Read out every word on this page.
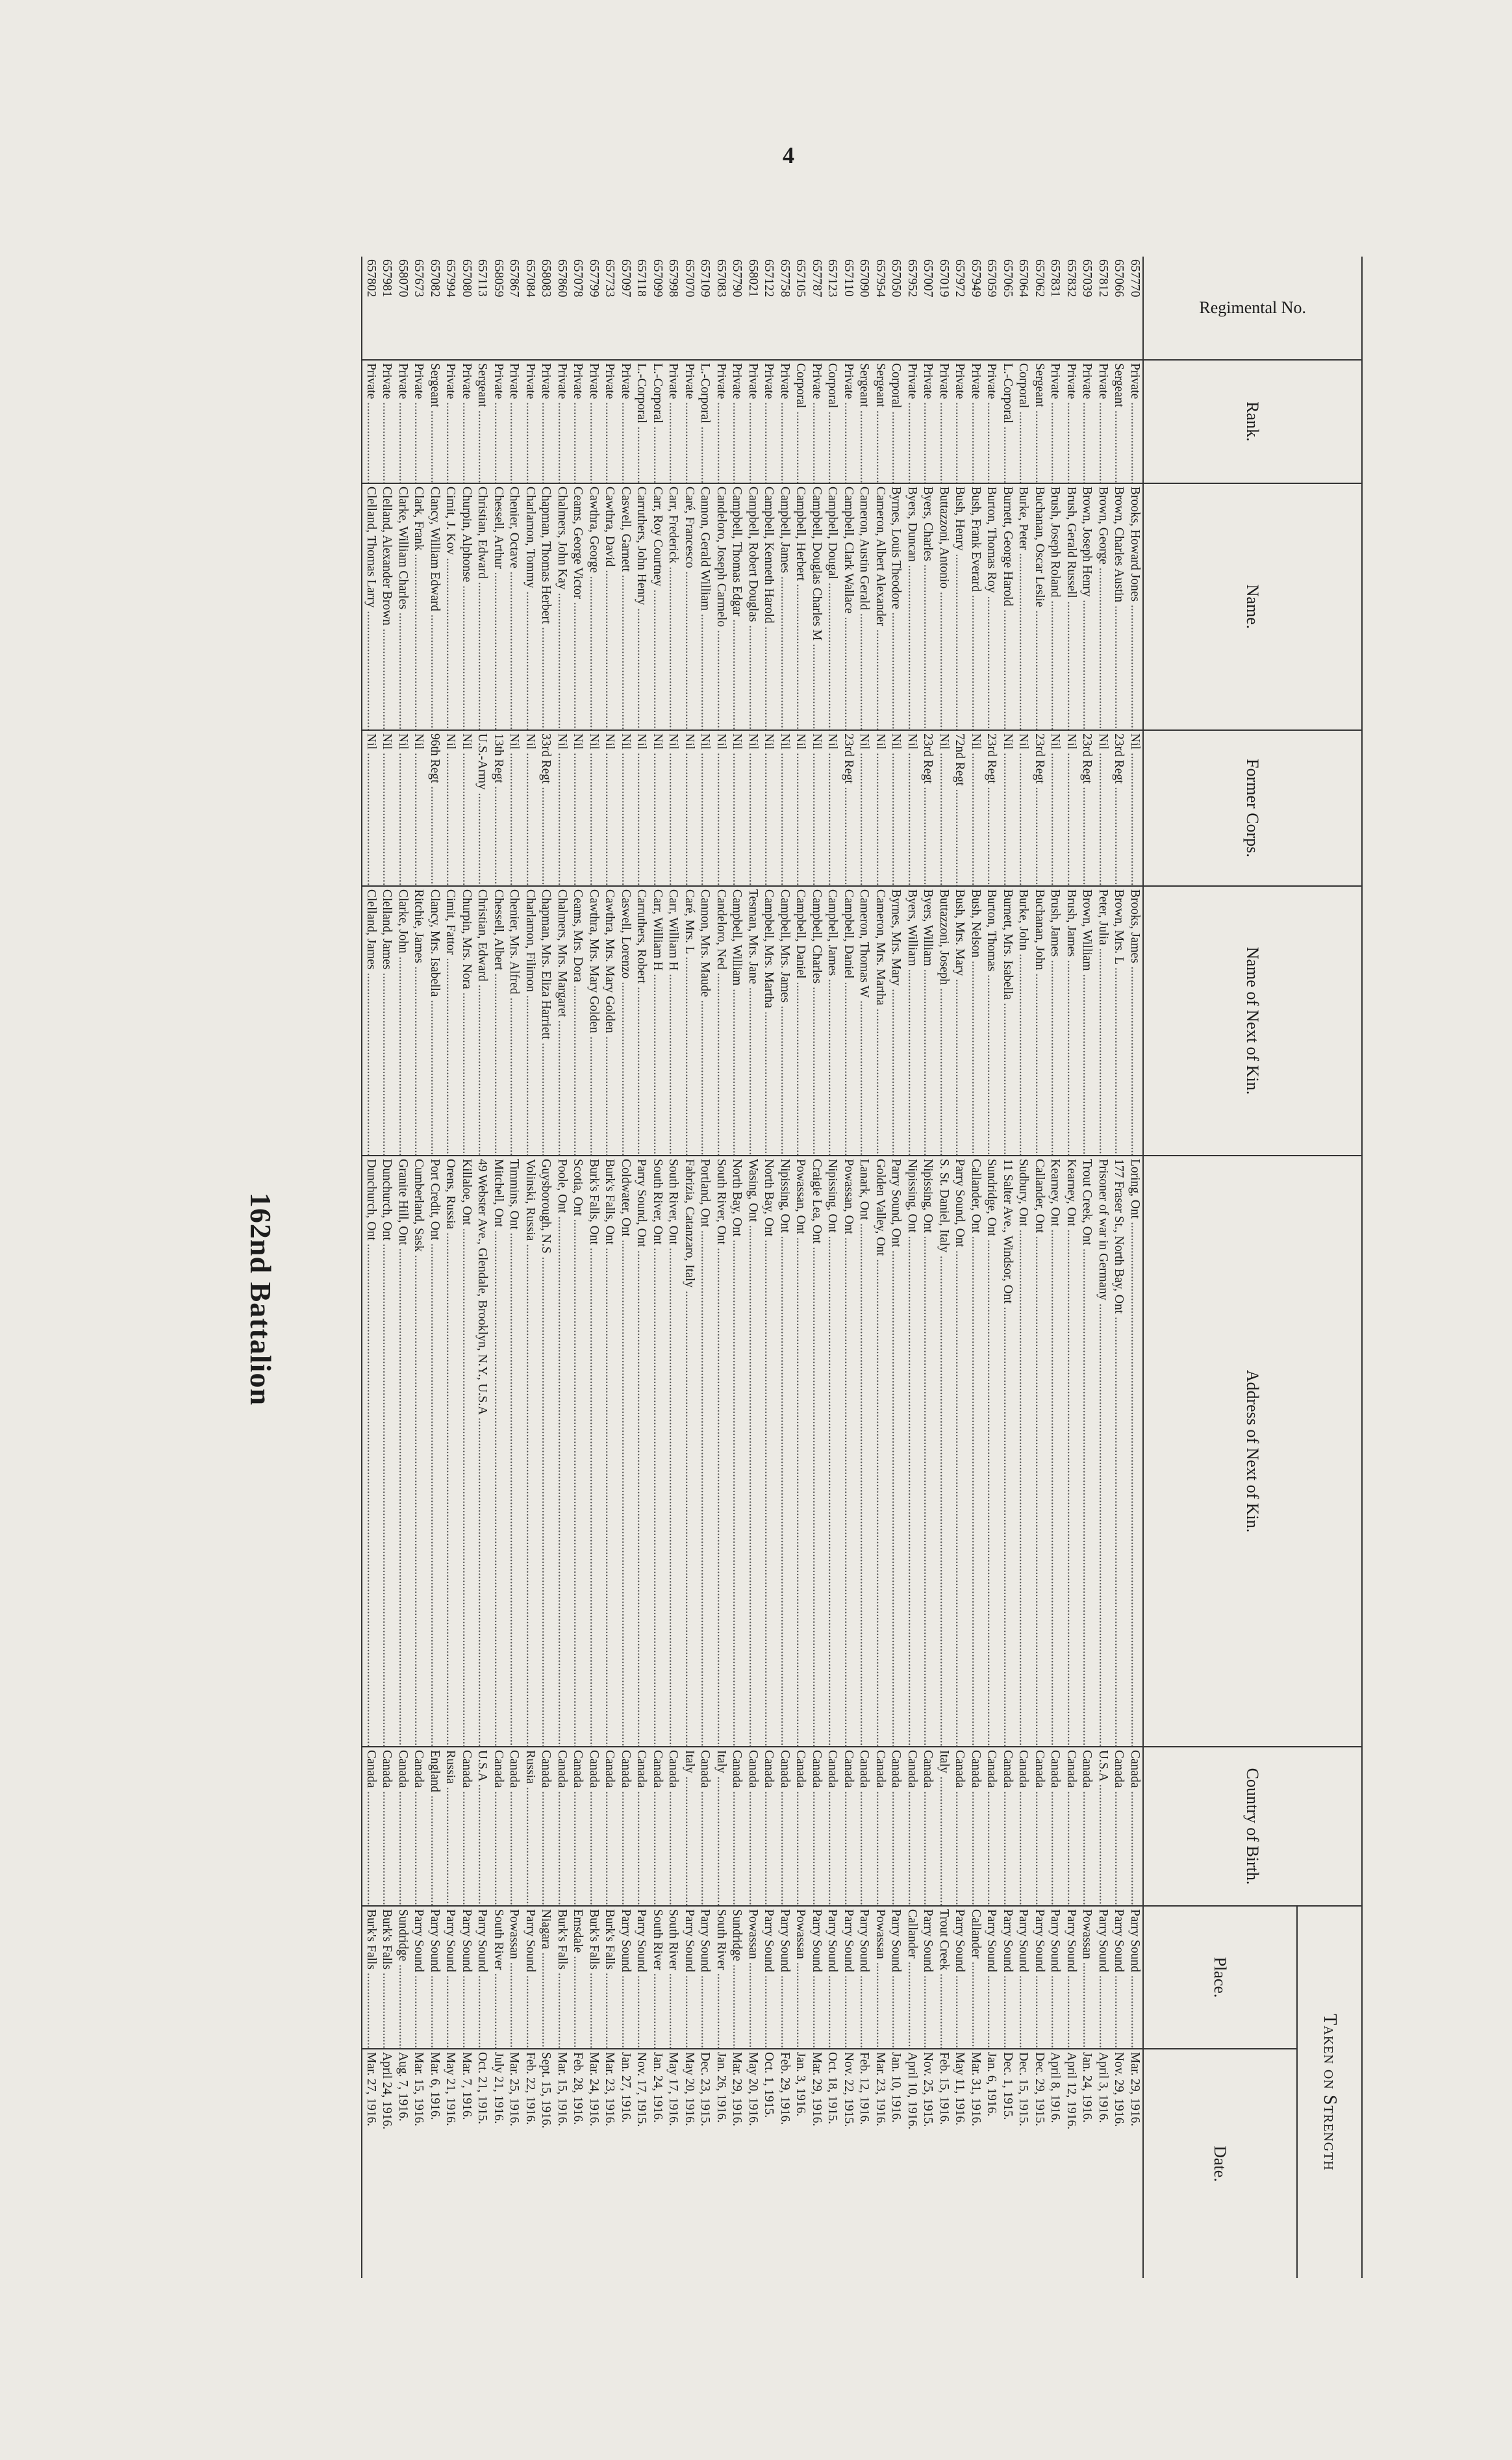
4
162nd Battalion
Regimental No.
Rank.
Name.
Former Corps.
Name of Next of Kin.
Address of Next of Kin.
Country of Birth.
Taken on Strength
Place.
Date.
657770
Private .....
Brooks, Howard Jones .....
Nil .....
Brooks, James .....
Loring, Ont .....
Canada .....
Parry Sound .....
Mar. 29, 1916.
657066
Sergeant .....
Brown, Charles Austin .....
23rd Regt .....
Brown, Mrs. L .....
177 Fraser St., North Bay, Ont .....
Canada .....
Parry Sound .....
Nov. 29, 1916.
657812
Private .....
Brown, George .....
Nil .....
Peter, Julia .....
Prisoner of war in Germany .....
U.S.A .....
Parry Sound .....
April 3, 1916.
657039
Private .....
Brown, Joseph Henry .....
23rd Regt .....
Brown, William .....
Trout Creek, Ont .....
Canada .....
Powassan .....
Jan. 24, 1916.
657832
Private .....
Brush, Gerald Russell .....
Nil .....
Brush, James .....
Kearney, Ont .....
Canada .....
Parry Sound .....
April 12, 1916.
657831
Private .....
Brush, Joseph Roland .....
Nil .....
Brush, James .....
Kearney, Ont .....
Canada .....
Parry Sound .....
April 8, 1916.
657062
Sergeant .....
Buchanan, Oscar Leslie .....
23rd Regt .....
Buchanan, John .....
Callander, Ont .....
Canada .....
Parry Sound .....
Dec. 29, 1915.
657064
Corporal .....
Burke, Peter .....
Nil .....
Burke, John .....
Sudbury, Ont .....
Canada .....
Parry Sound .....
Dec. 15, 1915.
657065
L.-Corporal .....
Burnett, George Harold .....
Nil .....
Burnett, Mrs. Isabella .....
11 Salter Ave., Windsor, Ont .....
Canada .....
Parry Sound .....
Dec. 1, 1915.
657059
Private .....
Burton, Thomas Roy .....
23rd Regt .....
Burton, Thomas .....
Sundridge, Ont .....
Canada .....
Parry Sound .....
Jan. 6, 1916.
657949
Private .....
Bush, Frank Everard .....
Nil .....
Bush, Nelson .....
Callander, Ont .....
Canada .....
Callander .....
Mar. 31, 1916.
657972
Private .....
Bush, Henry .....
72nd Regt .....
Bush, Mrs. Mary .....
Parry Sound, Ont .....
Canada .....
Parry Sound .....
May 11, 1916.
657019
Private .....
Buttazzoni, Antonio .....
Nil .....
Buttazzoni, Joseph .....
S. St. Daniel, Italy .....
Italy .....
Trout Creek .....
Feb. 15, 1916.
657007
Private .....
Byers, Charles .....
23rd Regt .....
Byers, William .....
Nipissing, Ont .....
Canada .....
Parry Sound .....
Nov. 25, 1915.
657952
Private .....
Byers, Duncan .....
Nil .....
Byers, William .....
Nipissing, Ont .....
Canada .....
Callander .....
April 10, 1916.
657050
Corporal .....
Byrnes, Louis Theodore .....
Nil .....
Byrnes, Mrs. Mary .....
Parry Sound, Ont .....
Canada .....
Parry Sound .....
Jan. 10, 1916.
657954
Sergeant .....
Cameron, Albert Alexander .....
Nil .....
Cameron, Mrs. Martha .....
Golden Valley, Ont .....
Canada .....
Powassan .....
Mar. 23, 1916.
657090
Sergeant .....
Cameron, Austin Gerald .....
Nil .....
Cameron, Thomas W .....
Lanark, Ont .....
Canada .....
Parry Sound .....
Feb. 12, 1916.
657110
Private .....
Campbell, Clark Wallace .....
23rd Regt .....
Campbell, Daniel .....
Powassan, Ont .....
Canada .....
Parry Sound .....
Nov. 22, 1915.
657123
Corporal .....
Campbell, Dougal .....
Nil .....
Campbell, James .....
Nipissing, Ont .....
Canada .....
Parry Sound .....
Oct. 18, 1915.
657787
Private .....
Campbell, Douglas Charles M .....
Nil .....
Campbell, Charles .....
Craigie Lea, Ont .....
Canada .....
Parry Sound .....
Mar. 29, 1916.
657105
Corporal .....
Campbell, Herbert .....
Nil .....
Campbell, Daniel .....
Powassan, Ont .....
Canada .....
Powassan .....
Jan. 3, 1916.
657758
Private .....
Campbell, James .....
Nil .....
Campbell, Mrs. James .....
Nipissing, Ont .....
Canada .....
Parry Sound .....
Feb. 29, 1916.
657122
Private .....
Campbell, Kenneth Harold .....
Nil .....
Campbell, Mrs. Martha .....
North Bay, Ont .....
Canada .....
Parry Sound .....
Oct. 1, 1915.
658021
Private .....
Campbell, Robert Douglas .....
Nil .....
Tesman, Mrs. Jane .....
Wasing, Ont .....
Canada .....
Powassan .....
May 20, 1916.
657790
Private .....
Campbell, Thomas Edgar .....
Nil .....
Campbell, William .....
North Bay, Ont .....
Canada .....
Sundridge .....
Mar. 29, 1916.
657083
Private .....
Candeloro, Joseph Carmelo .....
Nil .....
Candeloro, Ned .....
South River, Ont .....
Italy .....
South River .....
Jan. 26, 1916.
657109
L.-Corporal .....
Cannon, Gerald William .....
Nil .....
Cannon, Mrs. Maude .....
Portland, Ont .....
Canada .....
Parry Sound .....
Dec. 23, 1915.
657070
Private .....
Caré, Francesco .....
Nil .....
Caré, Mrs. L .....
Fabrizia, Catanzaro, Italy .....
Italy .....
Parry Sound .....
May 20, 1916.
657998
Private .....
Carr, Frederick .....
Nil .....
Carr, William H .....
South River, Ont .....
Canada .....
South River .....
May 17, 1916.
657099
L.-Corporal .....
Carr, Roy Courtney .....
Nil .....
Carr, William H .....
South River, Ont .....
Canada .....
South River .....
Jan. 24, 1916.
657118
L.-Corporal .....
Carruthers, John Henry .....
Nil .....
Carruthers, Robert .....
Parry Sound, Ont .....
Canada .....
Parry Sound .....
Nov. 17, 1915.
657097
Private .....
Caswell, Garnett .....
Nil .....
Caswell, Lorenzo .....
Coldwater, Ont .....
Canada .....
Parry Sound .....
Jan. 27, 1916.
657733
Private .....
Cawthra, David .....
Nil .....
Cawthra, Mrs. Mary Golden .....
Burk's Falls, Ont .....
Canada .....
Burk's Falls .....
Mar. 23, 1916.
657799
Private .....
Cawthra, George .....
Nil .....
Cawthra, Mrs. Mary Golden .....
Burk's Falls, Ont .....
Canada .....
Burk's Falls .....
Mar. 24, 1916.
657078
Private .....
Ceams, George Victor .....
Nil .....
Ceams, Mrs. Dora .....
Scotia, Ont .....
Canada .....
Emsdale .....
Feb. 28, 1916.
657860
Private .....
Chalmers, John Kay .....
Nil .....
Chalmers, Mrs. Margaret .....
Poole, Ont .....
Canada .....
Burk's Falls .....
Mar. 15, 1916.
658083
Private .....
Chapman, Thomas Herbert .....
33rd Regt .....
Chapman, Mrs. Eliza Harriett .....
Guysborough, N.S .....
Canada .....
Niagara .....
Sept. 15, 1916.
657084
Private .....
Charlamon, Tommy .....
Nil .....
Charlamon, Filimon .....
Volinski, Russia .....
Russia .....
Parry Sound .....
Feb. 22, 1916.
657867
Private .....
Chenier, Octave .....
Nil .....
Chenier, Mrs. Alfred .....
Timmins, Ont .....
Canada .....
Powassan .....
Mar. 25, 1916.
658059
Private .....
Chessell, Arthur .....
13th Regt .....
Chessell, Albert .....
Mitchell, Ont .....
Canada .....
South River .....
July 21, 1916.
657113
Sergeant .....
Christian, Edward .....
U.S.-Army .....
Christian, Edward .....
49 Webster Ave., Glendale, Brooklyn, N.Y., U.S.A .....
U.S.A .....
Parry Sound .....
Oct. 21, 1915.
657080
Private .....
Churpin, Alphonse .....
Nil .....
Churpin, Mrs. Nora .....
Killaloe, Ont .....
Canada .....
Parry Sound .....
Mar. 7, 1916.
657994
Private .....
Cimit, J. Kov .....
Nil .....
Cimit, Fattor .....
Orens, Russia .....
Russia .....
Parry Sound .....
May 21, 1916.
657082
Sergeant .....
Clancy, William Edward .....
96th Regt .....
Clancy, Mrs. Isabella .....
Port Credit, Ont .....
England .....
Parry Sound .....
Mar. 6, 1916.
657673
Private .....
Clark, Frank .....
Nil .....
Ritchie, James .....
Cumberland, Sask .....
Canada .....
Parry Sound .....
Mar. 15, 1916.
658070
Private .....
Clarke, William Charles .....
Nil .....
Clarke, John .....
Granite Hill, Ont .....
Canada .....
Sundridge .....
Aug. 7, 1916.
657981
Private .....
Clelland, Alexander Brown .....
Nil .....
Clelland, James .....
Dunchurch, Ont .....
Canada .....
Burk's Falls .....
April 24, 1916.
657802
Private .....
Clelland, Thomas Larry .....
Nil .....
Clelland, James .....
Dunchurch, Ont .....
Canada .....
Burk's Falls .....
Mar. 27, 1916.
